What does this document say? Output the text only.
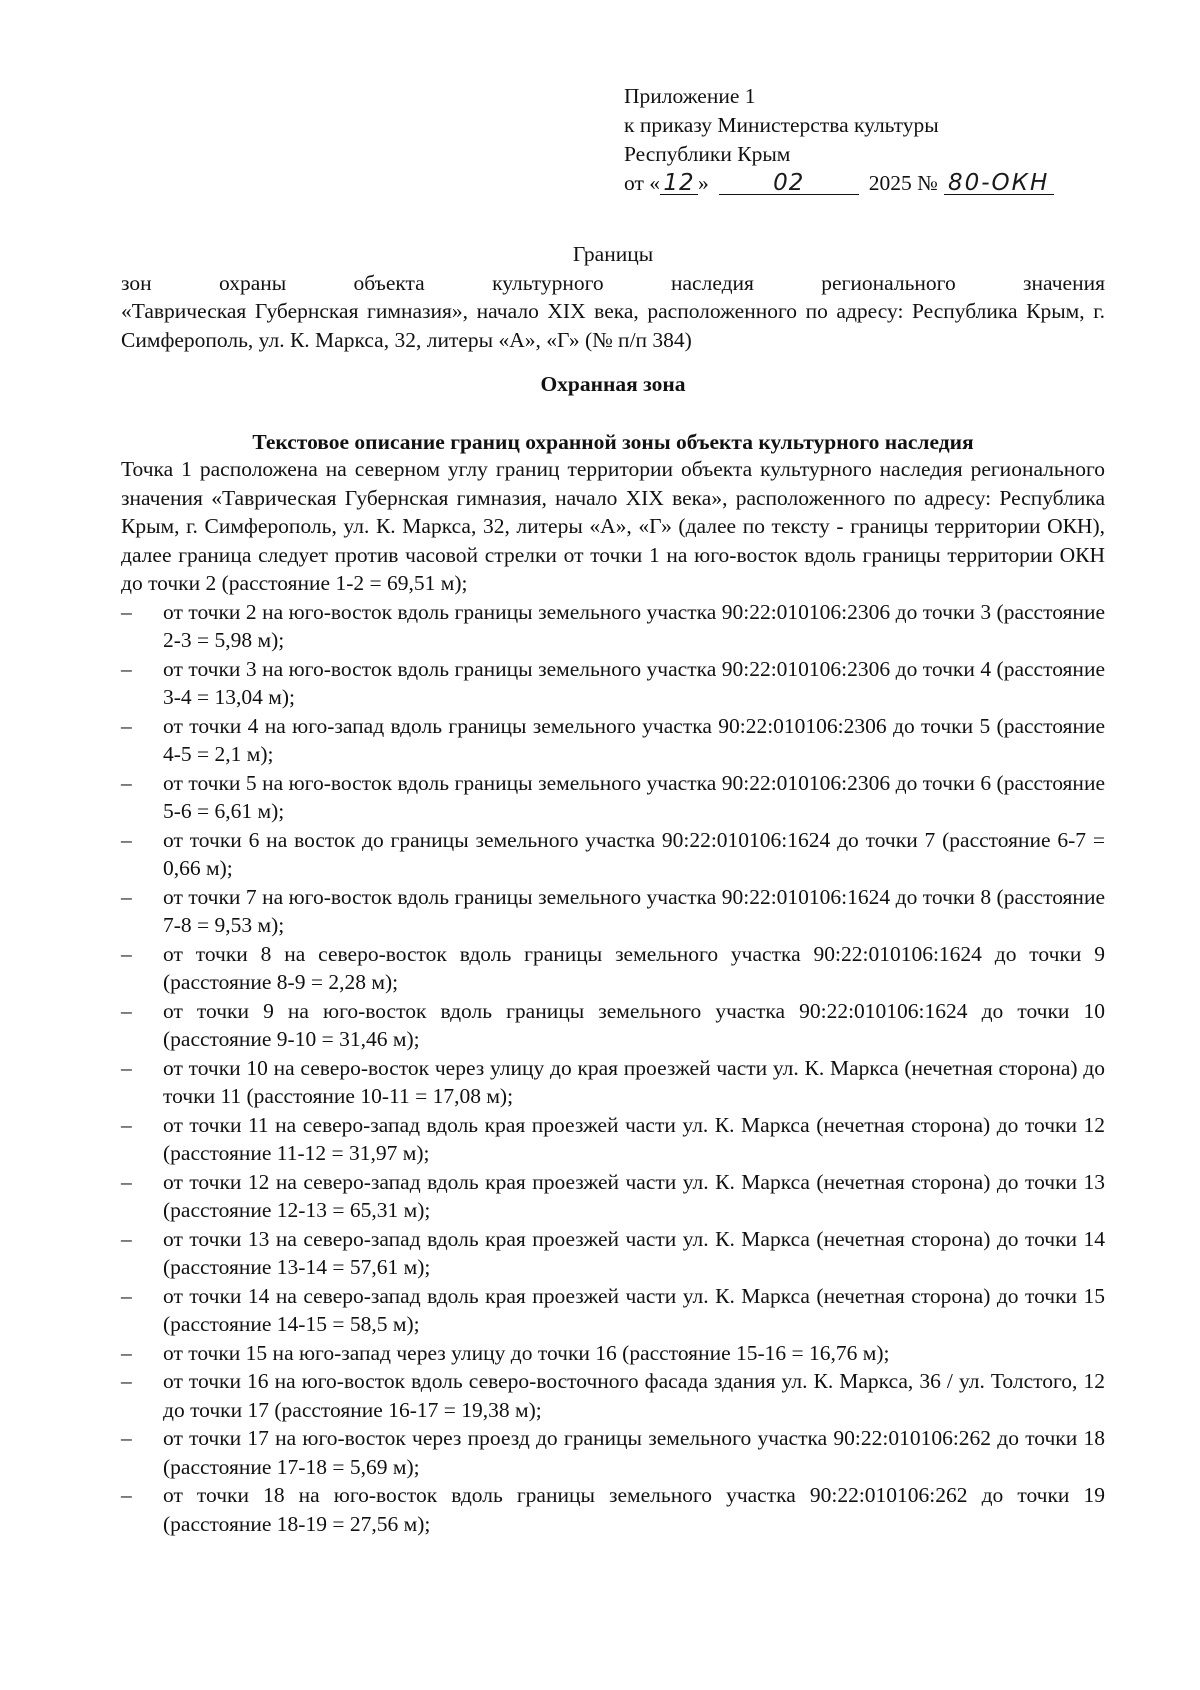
Приложение 1
к приказу Министерства культуры
Республики Крым
от « 12 »	02	2025 № 80-ОКН
Границы
зон охраны объекта культурного наследия регионального значения
«Таврическая Губернская гимназия», начало XIX века, расположенного по адресу: Республика Крым, г. Симферополь, ул. К. Маркса, 32, литеры «А», «Г» (№ п/п 384)
Охранная зона
Текстовое описание границ охранной зоны объекта культурного наследия
Точка 1 расположена на северном углу границ территории объекта культурного наследия регионального значения «Таврическая Губернская гимназия, начало XIX века», расположенного по адресу: Республика Крым, г. Симферополь, ул. К. Маркса, 32, литеры «А», «Г» (далее по тексту - границы территории ОКН), далее граница следует против часовой стрелки от точки 1 на юго-восток вдоль границы территории ОКН до точки 2 (расстояние 1-2 = 69,51 м);
–	от точки 2 на юго-восток вдоль границы земельного участка 90:22:010106:2306 до точки 3 (расстояние 2-3 = 5,98 м);
–	от точки 3 на юго-восток вдоль границы земельного участка 90:22:010106:2306 до точки 4 (расстояние 3-4 = 13,04 м);
–	от точки 4 на юго-запад вдоль границы земельного участка 90:22:010106:2306 до точки 5 (расстояние 4-5 = 2,1 м);
–	от точки 5 на юго-восток вдоль границы земельного участка 90:22:010106:2306 до точки 6 (расстояние 5-6 = 6,61 м);
–	от точки 6 на восток до границы земельного участка 90:22:010106:1624 до точки 7 (расстояние 6-7 = 0,66 м);
–	от точки 7 на юго-восток вдоль границы земельного участка 90:22:010106:1624 до точки 8 (расстояние 7-8 = 9,53 м);
–	от точки 8 на северо-восток вдоль границы земельного участка 90:22:010106:1624 до точки 9 (расстояние 8-9 = 2,28 м);
–	от точки 9 на юго-восток вдоль границы земельного участка 90:22:010106:1624 до точки 10 (расстояние 9-10 = 31,46 м);
–	от точки 10 на северо-восток через улицу до края проезжей части ул. К. Маркса (нечетная сторона) до точки 11 (расстояние 10-11 = 17,08 м);
–	от точки 11 на северо-запад вдоль края проезжей части ул. К. Маркса (нечетная сторона) до точки 12 (расстояние 11-12 = 31,97 м);
–	от точки 12 на северо-запад вдоль края проезжей части ул. К. Маркса (нечетная сторона) до точки 13 (расстояние 12-13 = 65,31 м);
–	от точки 13 на северо-запад вдоль края проезжей части ул. К. Маркса (нечетная сторона) до точки 14 (расстояние 13-14 = 57,61 м);
–	от точки 14 на северо-запад вдоль края проезжей части ул. К. Маркса (нечетная сторона) до точки 15 (расстояние 14-15 = 58,5 м);
–	от точки 15 на юго-запад через улицу до точки 16 (расстояние 15-16 = 16,76 м);
–	от точки 16 на юго-восток вдоль северо-восточного фасада здания ул. К. Маркса, 36 / ул. Толстого, 12 до точки 17 (расстояние 16-17 = 19,38 м);
–	от точки 17 на юго-восток через проезд до границы земельного участка 90:22:010106:262 до точки 18 (расстояние 17-18 = 5,69 м);
–	от точки 18 на юго-восток вдоль границы земельного участка 90:22:010106:262 до точки 19 (расстояние 18-19 = 27,56 м);
